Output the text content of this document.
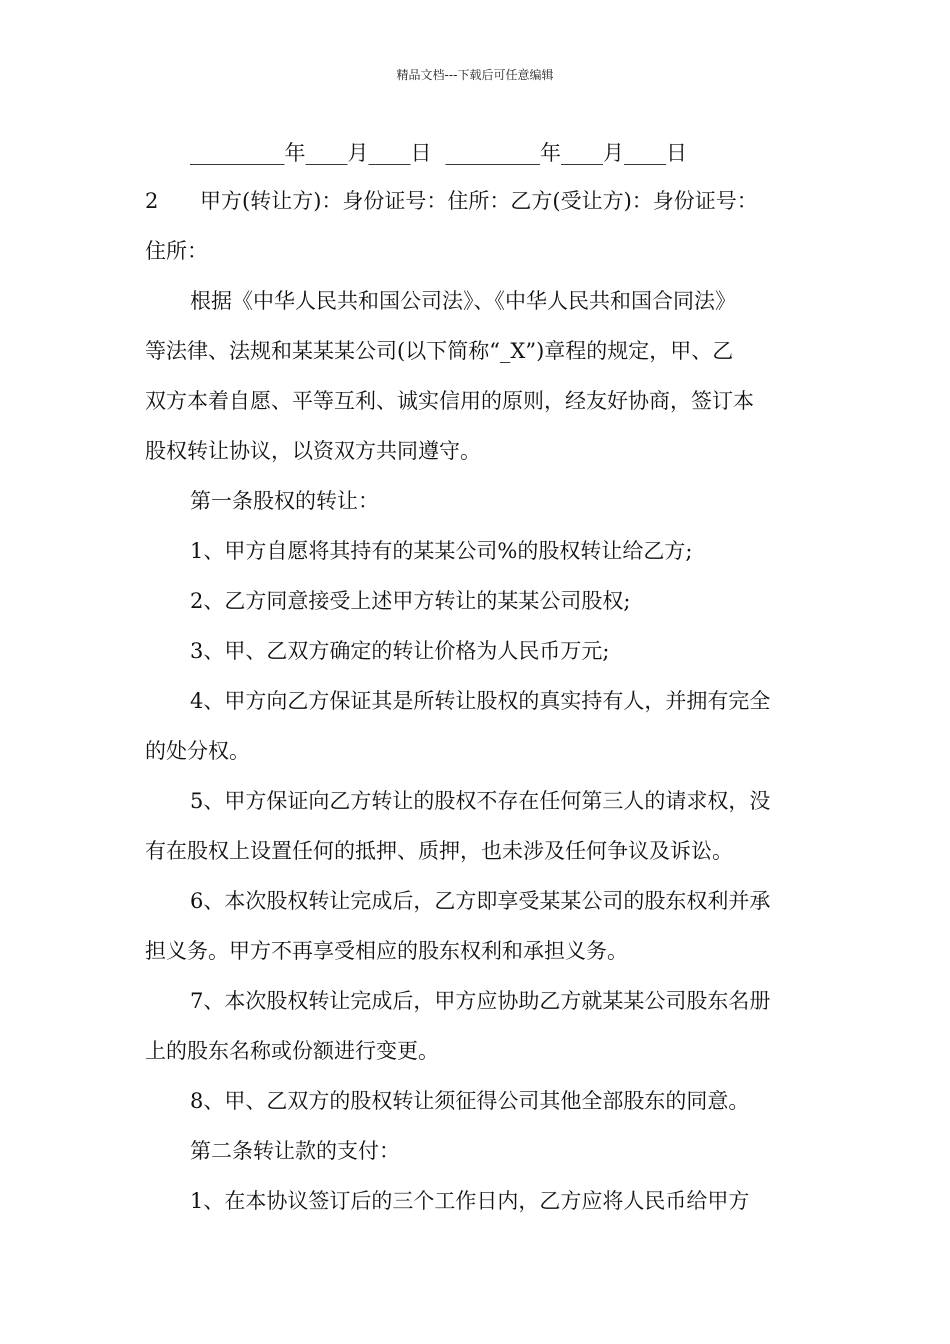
精品文档---下载后可任意编辑
_________年____月____日 _________年____月____日
2 甲方(转让方)：身份证号：住所：乙方(受让方)：身份证号：
住所：
根据《中华人民共和国公司法》、《中华人民共和国合同法》
等法律、法规和某某某公司(以下简称“_X”)章程的规定，甲、乙
双方本着自愿、平等互利、诚实信用的原则，经友好协商，签订本
股权转让协议，以资双方共同遵守。
第一条股权的转让：
1、甲方自愿将其持有的某某公司%的股权转让给乙方;
2、乙方同意接受上述甲方转让的某某公司股权;
3、甲、乙双方确定的转让价格为人民币万元;
4、甲方向乙方保证其是所转让股权的真实持有人，并拥有完全
的处分权。
5、甲方保证向乙方转让的股权不存在任何第三人的请求权，没
有在股权上设置任何的抵押、质押，也未涉及任何争议及诉讼。
6、本次股权转让完成后，乙方即享受某某公司的股东权利并承
担义务。甲方不再享受相应的股东权利和承担义务。
7、本次股权转让完成后，甲方应协助乙方就某某公司股东名册
上的股东名称或份额进行变更。
8、甲、乙双方的股权转让须征得公司其他全部股东的同意。
第二条转让款的支付：
1、在本协议签订后的三个工作日内，乙方应将人民币给甲方
